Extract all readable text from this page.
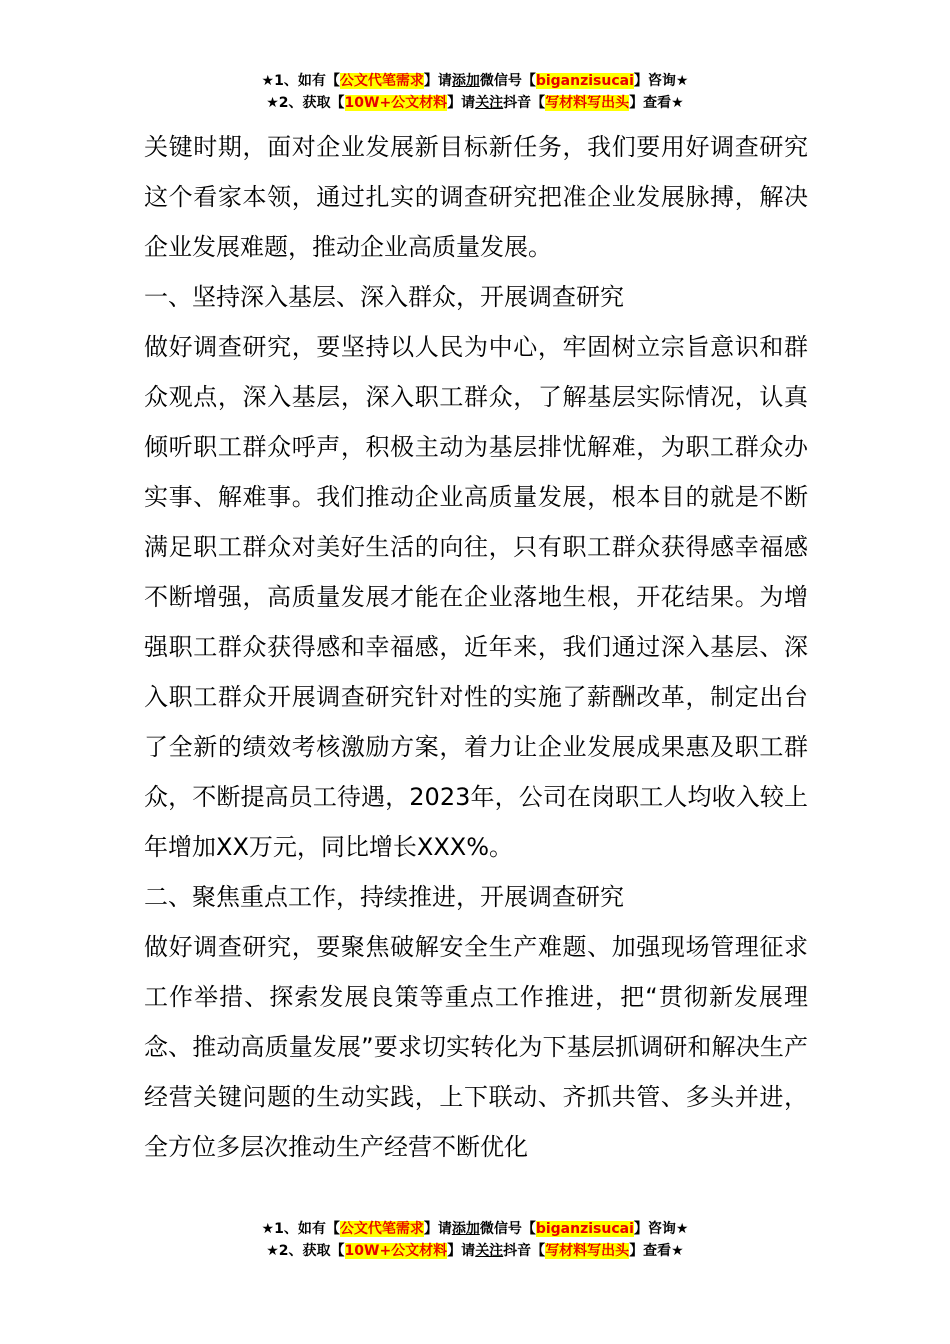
★1、如有【公文代笔需求】请添加微信号【biganzisucai】咨询★
★2、获取【10W+公文材料】请关注抖音【写材料写出头】查看★

关键时期，面对企业发展新目标新任务，我们要用好调查研究这个看家本领，通过扎实的调查研究把准企业发展脉搏，解决企业发展难题，推动企业高质量发展。

一、坚持深入基层、深入群众，开展调查研究

做好调查研究，要坚持以人民为中心，牢固树立宗旨意识和群众观点，深入基层，深入职工群众，了解基层实际情况，认真倾听职工群众呼声，积极主动为基层排忧解难，为职工群众办实事、解难事。我们推动企业高质量发展，根本目的就是不断满足职工群众对美好生活的向往，只有职工群众获得感幸福感不断增强，高质量发展才能在企业落地生根，开花结果。为增强职工群众获得感和幸福感，近年来，我们通过深入基层、深入职工群众开展调查研究针对性的实施了薪酬改革，制定出台了全新的绩效考核激励方案，着力让企业发展成果惠及职工群众，不断提高员工待遇，2023年，公司在岗职工人均收入较上年增加XX万元，同比增长XXX%。

二、聚焦重点工作，持续推进，开展调查研究

做好调查研究，要聚焦破解安全生产难题、加强现场管理征求工作举措、探索发展良策等重点工作推进，把“贯彻新发展理念、推动高质量发展”要求切实转化为下基层抓调研和解决生产经营关键问题的生动实践，上下联动、齐抓共管、多头并进，全方位多层次推动生产经营不断优化

★1、如有【公文代笔需求】请添加微信号【biganzisucai】咨询★
★2、获取【10W+公文材料】请关注抖音【写材料写出头】查看★
